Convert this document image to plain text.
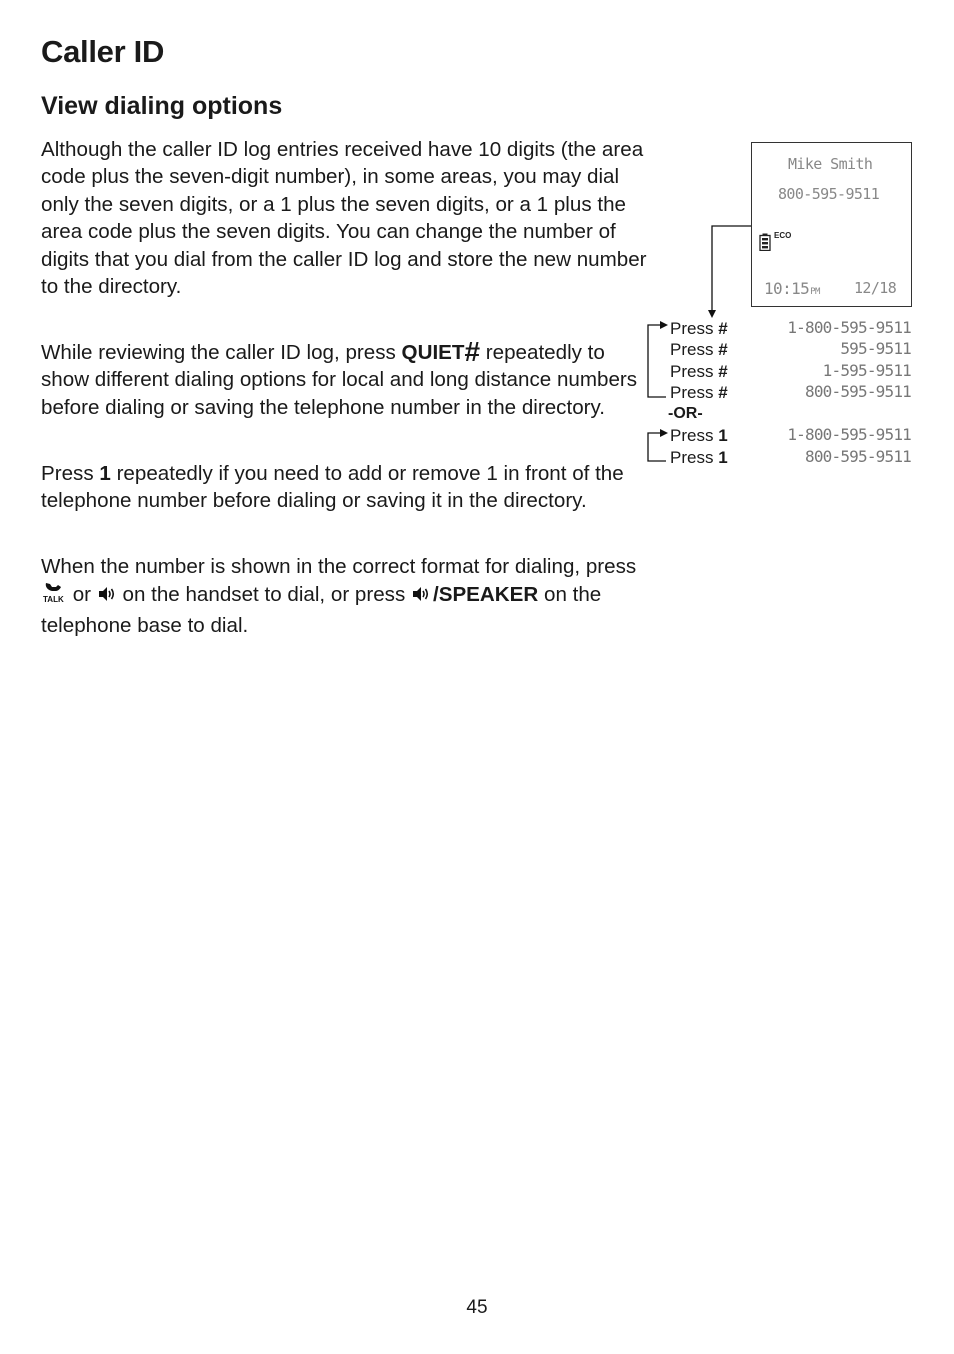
Caller ID
View dialing options

Although the caller ID log entries received have 10 digits (the area code plus the seven-digit number), in some areas, you may dial only the seven digits, or a 1 plus the seven digits, or a 1 plus the area code plus the seven digits. You can change the number of digits that you dial from the caller ID log and store the new number to the directory.

While reviewing the caller ID log, press QUIET# repeatedly to show different dialing options for local and long distance numbers before dialing or saving the telephone number in the directory.

Press 1 repeatedly if you need to add or remove 1 in front of the telephone number before dialing or saving it in the directory.

When the number is shown in the correct format for dialing, press
TALK or  on the handset to dial, or press /SPEAKER on the telephone base to dial.

Mike Smith
800-595-9511
ECO
10:15PM 12/18
Press #	1-800-595-9511
Press #	595-9511
Press #	1-595-9511
Press #	800-595-9511
-OR-
Press 1	1-800-595-9511
Press 1	800-595-9511
45
